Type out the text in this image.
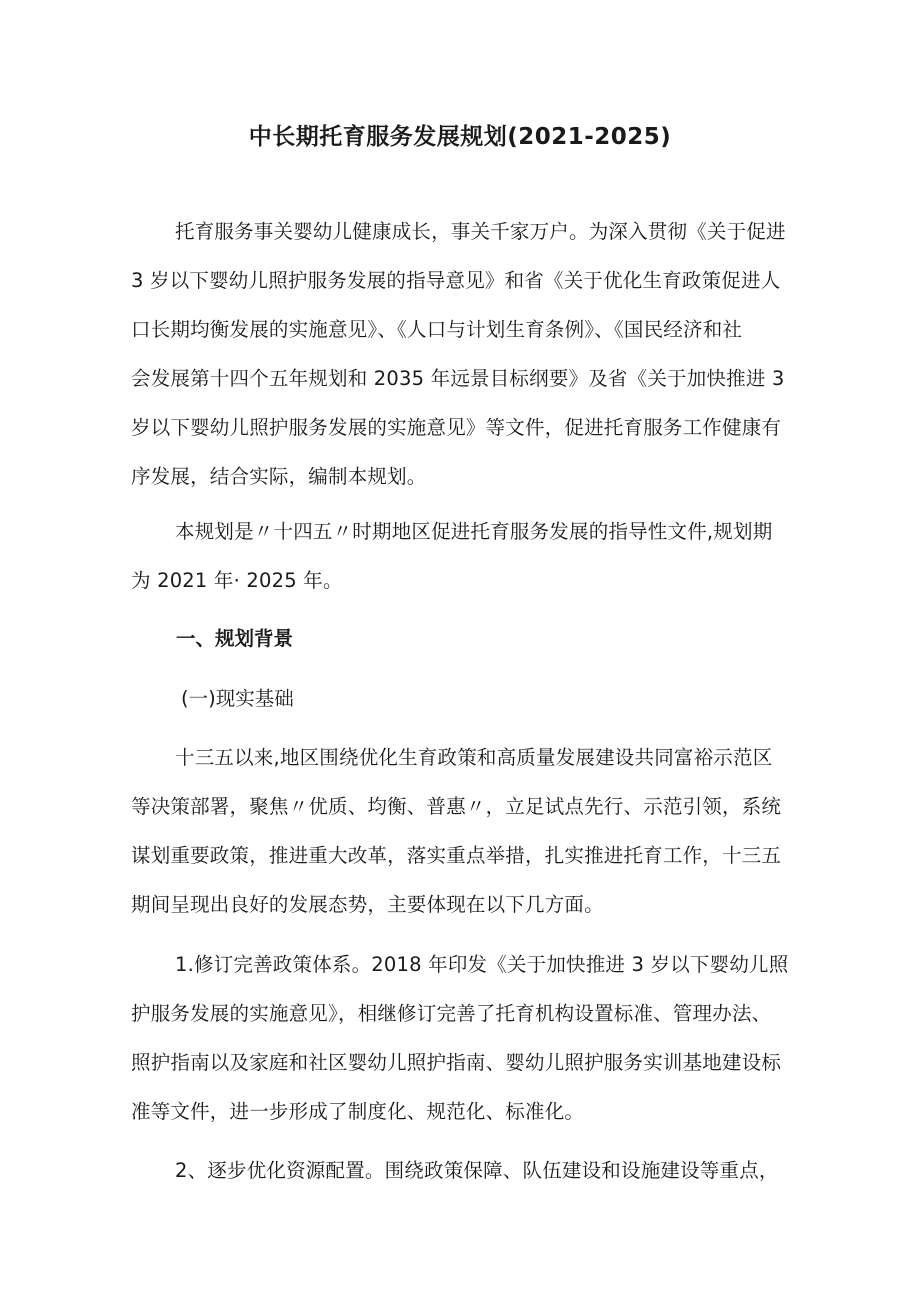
中长期托育服务发展规划(2021-2025)
托育服务事关婴幼儿健康成长，事关千家万户。为深入贯彻《关于促进
3 岁以下婴幼儿照护服务发展的指导意见》和省《关于优化生育政策促进人
口长期均衡发展的实施意见》、《人口与计划生育条例》、《国民经济和社
会发展第十四个五年规划和 2035 年远景目标纲要》及省《关于加快推进 3
岁以下婴幼儿照护服务发展的实施意见》等文件，促进托育服务工作健康有
序发展，结合实际，编制本规划。
本规划是〃十四五〃时期地区促进托育服务发展的指导性文件,规划期
为 2021 年· 2025 年。
一、规划背景
(一)现实基础
十三五以来,地区围绕优化生育政策和高质量发展建设共同富裕示范区
等决策部署，聚焦〃优质、均衡、普惠〃，立足试点先行、示范引领，系统
谋划重要政策，推进重大改革，落实重点举措，扎实推进托育工作，十三五
期间呈现出良好的发展态势，主要体现在以下几方面。
1.修订完善政策体系。2018 年印发《关于加快推进 3 岁以下婴幼儿照
护服务发展的实施意见》，相继修订完善了托育机构设置标准、管理办法、
照护指南以及家庭和社区婴幼儿照护指南、婴幼儿照护服务实训基地建设标
准等文件，进一步形成了制度化、规范化、标准化。
2、逐步优化资源配置。围绕政策保障、队伍建设和设施建设等重点，
